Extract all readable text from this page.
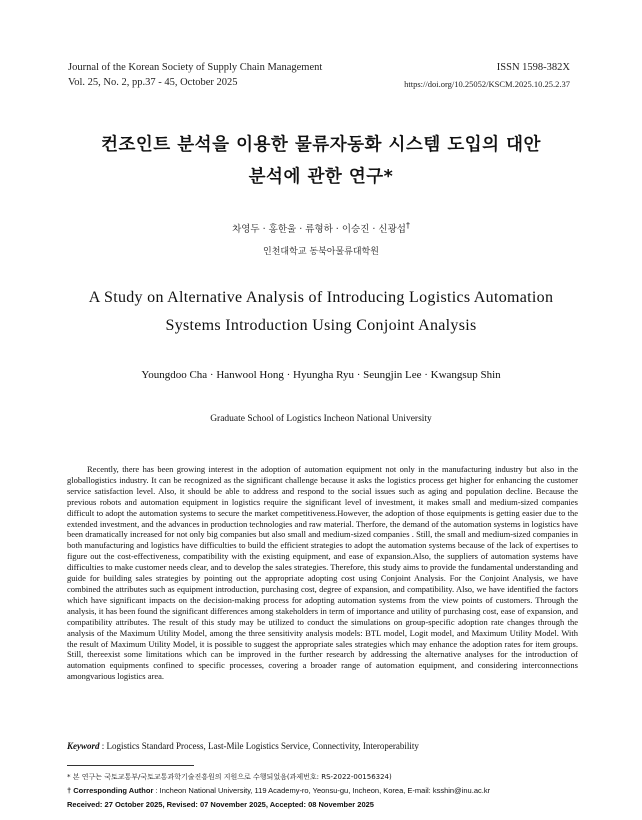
Journal of the Korean Society of Supply Chain Management
Vol. 25, No. 2, pp.37 - 45, October 2025
ISSN 1598-382X
https://doi.org/10.25052/KSCM.2025.10.25.2.37
컨조인트 분석을 이용한 물류자동화 시스템 도입의 대안
분석에 관한 연구*
차영두 · 홍한울 · 류형하 · 이승진 · 신광섭†
인천대학교 동북아물류대학원
A Study on Alternative Analysis of Introducing Logistics Automation
Systems Introduction Using Conjoint Analysis
Youngdoo Cha · Hanwool Hong · Hyungha Ryu · Seungjin Lee · Kwangsup Shin
Graduate School of Logistics Incheon National University

Recently, there has been growing interest in the adoption of automation equipment not only in the manufacturing industry but also in the globallogistics industry. It can be recognized as the significant challenge because it asks the logistics process get higher for enhancing the customer service satisfaction level. Also, it should be able to address and respond to the social issues such as aging and population decline. Because the previous robots and automation equipment in logistics require the significant level of investment, it makes small and medium-sized companies difficult to adopt the automation systems to secure the market competitiveness.However, the adoption of those equipments is getting easier due to the extended investment, and the advances in production technologies and raw material. Therfore, the demand of the automation systems in logistics have been dramatically increased for not only big companies but also small and medium-sized companies . Still, the small and medium-sized companies in both manufacturing and logistics have difficulties to build the efficient strategies to adopt the automation systems because of the lack of expertises to figure out the cost-effectiveness, compatibility with the existing equipment, and ease of expansion.Also, the suppliers of automation systems have difficulties to make customer needs clear, and to develop the sales strategies. Therefore, this study aims to provide the fundamental understanding and guide for building sales strategies by pointing out the appropriate adopting cost using Conjoint Analysis. For the Conjoint Analysis, we have combined the attributes such as equipment introduction, purchasing cost, degree of expansion, and compatibility. Also, we have identified the factors which have significant impacts on the decision-making process for adopting automation systems from the view points of customers. Through the analysis, it has been found the significant differences among stakeholders in term of importance and utility of purchasing cost, ease of expansion, and compatibility attributes. The result of this study may be utilized to conduct the simulations on group-specific adoption rate changes through the analysis of the Maximum Utility Model, among the three sensitivity analysis models: BTL model, Logit model, and Maximum Utility Model. With the result of Maximum Utility Model, it is possible to suggest the appropriate sales strategies which may enhance the adoption rates for item groups. Still, thereexist some limitations which can be improved in the further research by addressing the alternative analyses for the introduction of automation equipments confined to specific processes, covering a broader range of automation equipment, and considering interconnections amongvarious logistics area.

Keyword : Logistics Standard Process, Last-Mile Logistics Service, Connectivity, Interoperability
* 본 연구는 국토교통부/국토교통과학기술진흥원의 지원으로 수행되었음(과제번호: RS-2022-00156324)
† Corresponding Author : Incheon National University, 119 Academy-ro, Yeonsu-gu, Incheon, Korea, E-mail: ksshin@inu.ac.kr
Received: 27 October 2025, Revised: 07 November 2025, Accepted: 08 November 2025
